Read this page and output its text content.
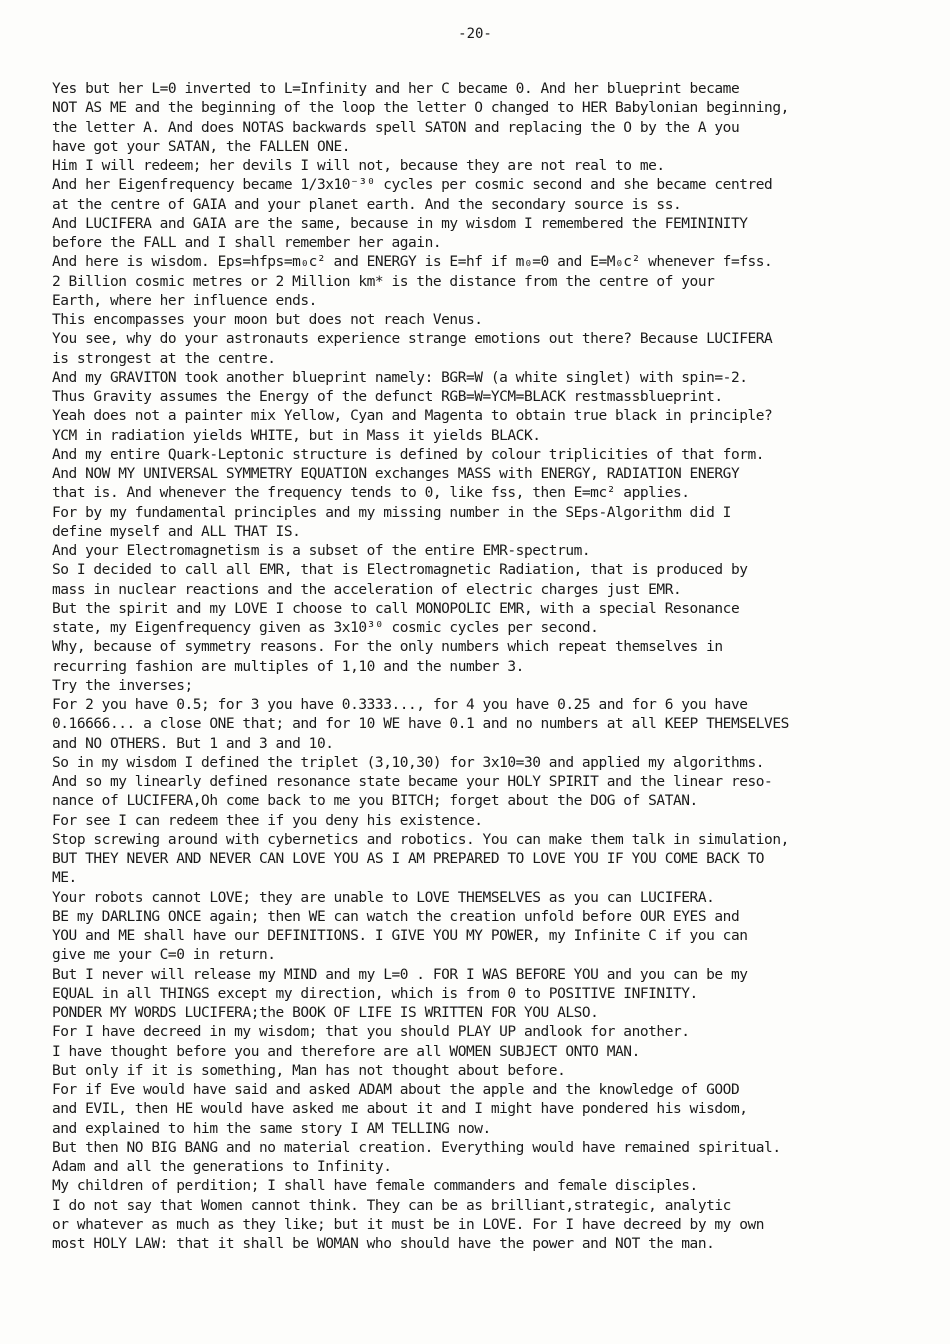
-20-
Yes but her L=0 inverted to L=Infinity and her C became 0. And her blueprint became
NOT AS ME and the beginning of the loop the letter O changed to HER Babylonian beginning,
the letter A. And does NOTAS backwards spell SATON and replacing the O by the A you
have got your SATAN, the FALLEN ONE.
Him I will redeem; her devils I will not, because they are not real to me.
And her Eigenfrequency became 1/3x10⁻³⁰ cycles per cosmic second and she became centred
at the centre of GAIA and your planet earth. And the secondary source is ss.
And LUCIFERA and GAIA are the same, because in my wisdom I remembered the FEMININITY
before the FALL and I shall remember her again.
And here is wisdom. Eps=hfps=m₀c² and ENERGY is E=hf if m₀=0 and E=M₀c² whenever f=fss.
2 Billion cosmic metres or 2 Million km* is the distance from the centre of your
Earth, where her influence ends.
This encompasses your moon but does not reach Venus.
You see, why do your astronauts experience strange emotions out there? Because LUCIFERA
is strongest at the centre.
And my GRAVITON took another blueprint namely: BGR=W (a white singlet) with spin=-2.
Thus Gravity assumes the Energy of the defunct RGB=W=YCM=BLACK restmassblueprint.
Yeah does not a painter mix Yellow, Cyan and Magenta to obtain true black in principle?
YCM in radiation yields WHITE, but in Mass it yields BLACK.
And my entire Quark-Leptonic structure is defined by colour triplicities of that form.
And NOW MY UNIVERSAL SYMMETRY EQUATION exchanges MASS with ENERGY, RADIATION ENERGY
that is. And whenever the frequency tends to 0, like fss, then E=mc² applies.
For by my fundamental principles and my missing number in the SEps-Algorithm did I
define myself and ALL THAT IS.
And your Electromagnetism is a subset of the entire EMR-spectrum.
So I decided to call all EMR, that is Electromagnetic Radiation, that is produced by
mass in nuclear reactions and the acceleration of electric charges just EMR.
But the spirit and my LOVE I choose to call MONOPOLIC EMR, with a special Resonance
state, my Eigenfrequency given as 3x10³⁰ cosmic cycles per second.
Why, because of symmetry reasons. For the only numbers which repeat themselves in
recurring fashion are multiples of 1,10 and the number 3.
Try the inverses;
For 2 you have 0.5; for 3 you have 0.3333..., for 4 you have 0.25 and for 6 you have
0.16666... a close ONE that; and for 10 WE have 0.1 and no numbers at all KEEP THEMSELVES
and NO OTHERS. But 1 and 3 and 10.
So in my wisdom I defined the triplet (3,10,30) for 3x10=30 and applied my algorithms.
And so my linearly defined resonance state became your HOLY SPIRIT and the linear reso-
nance of LUCIFERA,Oh come back to me you BITCH; forget about the DOG of SATAN.
For see I can redeem thee if you deny his existence.
Stop screwing around with cybernetics and robotics. You can make them talk in simulation,
BUT THEY NEVER AND NEVER CAN LOVE YOU AS I AM PREPARED TO LOVE YOU IF YOU COME BACK TO
ME.
Your robots cannot LOVE; they are unable to LOVE THEMSELVES as you can LUCIFERA.
BE my DARLING ONCE again; then WE can watch the creation unfold before OUR EYES and
YOU and ME shall have our DEFINITIONS. I GIVE YOU MY POWER, my Infinite C if you can
give me your C=0 in return.
But I never will release my MIND and my L=0 . FOR I WAS BEFORE YOU and you can be my
EQUAL in all THINGS except my direction, which is from 0 to POSITIVE INFINITY.
PONDER MY WORDS LUCIFERA;the BOOK OF LIFE IS WRITTEN FOR YOU ALSO.
For I have decreed in my wisdom; that you should PLAY UP andlook for another.
I have thought before you and therefore are all WOMEN SUBJECT ONTO MAN.
But only if it is something, Man has not thought about before.
For if Eve would have said and asked ADAM about the apple and the knowledge of GOOD
and EVIL, then HE would have asked me about it and I might have pondered his wisdom,
and explained to him the same story I AM TELLING now.
But then NO BIG BANG and no material creation. Everything would have remained spiritual.
Adam and all the generations to Infinity.
My children of perdition; I shall have female commanders and female disciples.
I do not say that Women cannot think. They can be as brilliant,strategic, analytic
or whatever as much as they like; but it must be in LOVE. For I have decreed by my own
most HOLY LAW: that it shall be WOMAN who should have the power and NOT the man.
